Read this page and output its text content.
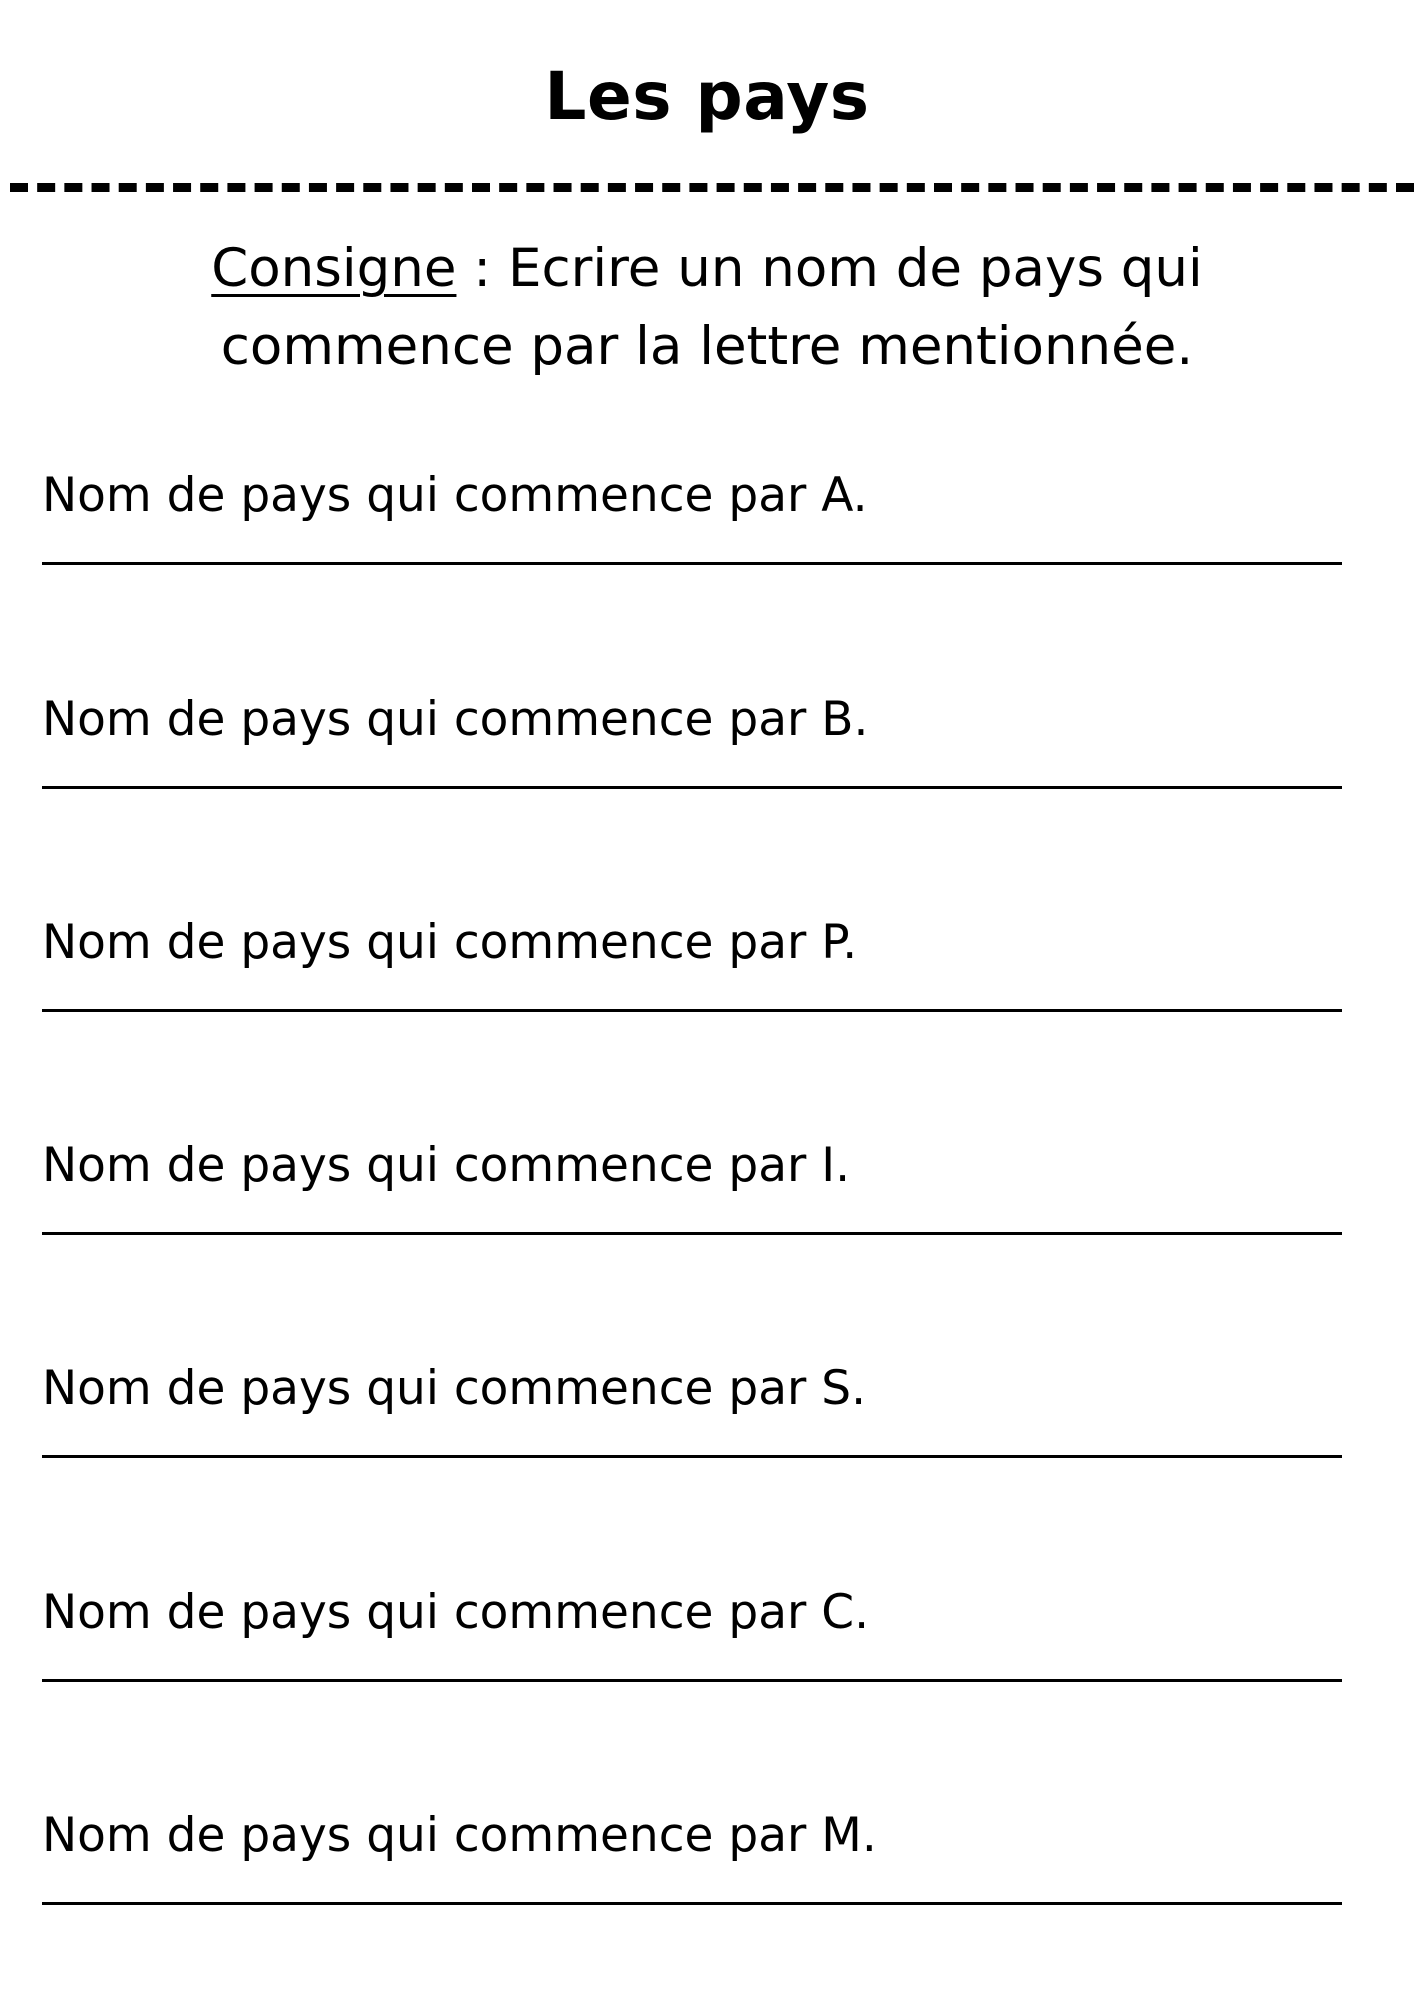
Les pays
Consigne : Ecrire un nom de pays qui
commence par la lettre mentionnée.
Nom de pays qui commence par A.
Nom de pays qui commence par B.
Nom de pays qui commence par P.
Nom de pays qui commence par I.
Nom de pays qui commence par S.
Nom de pays qui commence par C.
Nom de pays qui commence par M.
